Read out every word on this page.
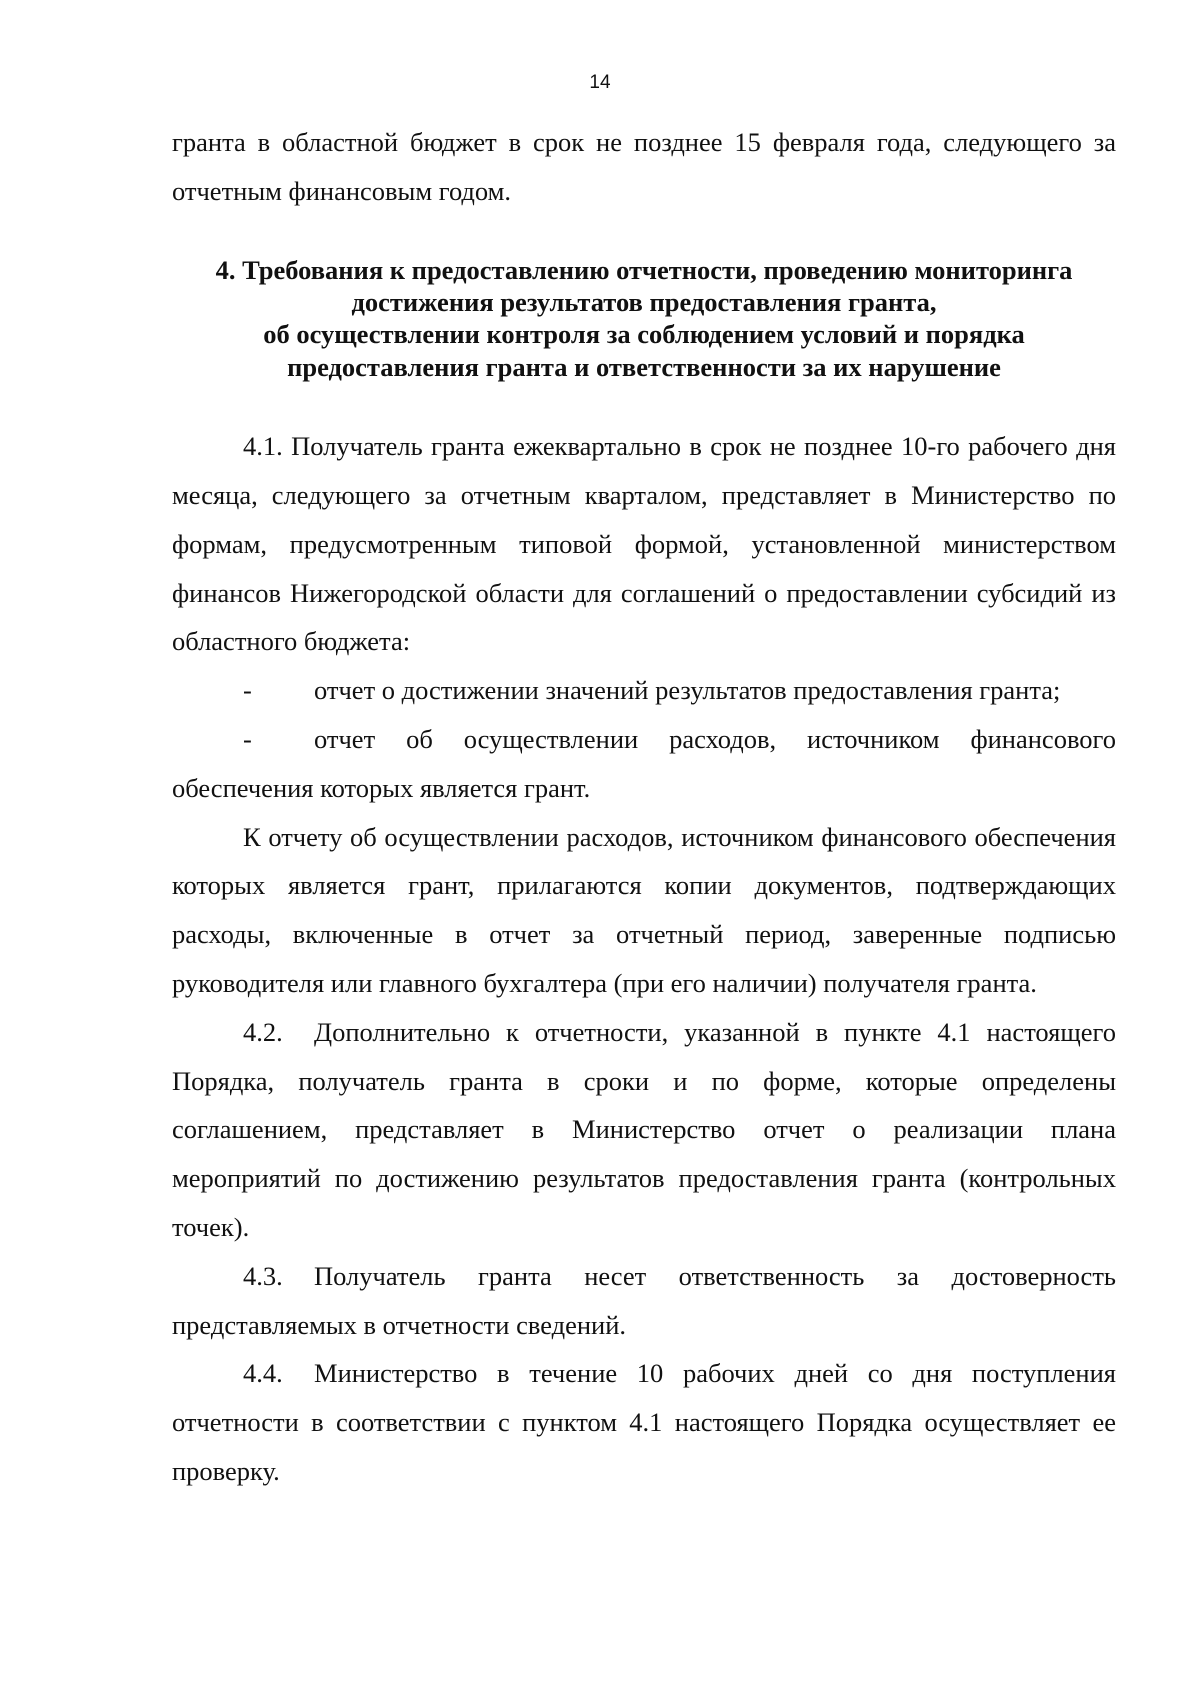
14

гранта в областной бюджет в срок не позднее 15 февраля года, следующего за отчетным финансовым годом.

4. Требования к предоставлению отчетности, проведению мониторинга
достижения результатов предоставления гранта,
об осуществлении контроля за соблюдением условий и порядка
предоставления гранта и ответственности за их нарушение

4.1. Получатель гранта ежеквартально в срок не позднее 10-го рабочего дня месяца, следующего за отчетным кварталом, представляет в Министерство по формам, предусмотренным типовой формой, установленной министерством финансов Нижегородской области для соглашений о предоставлении субсидий из областного бюджета:

- отчет о достижении значений результатов предоставления гранта;

- отчет об осуществлении расходов, источником финансового обеспечения которых является грант.

К отчету об осуществлении расходов, источником финансового обеспечения которых является грант, прилагаются копии документов, подтверждающих расходы, включенные в отчет за отчетный период, заверенные подписью руководителя или главного бухгалтера (при его наличии) получателя гранта.

4.2. Дополнительно к отчетности, указанной в пункте 4.1 настоящего Порядка, получатель гранта в сроки и по форме, которые определены соглашением, представляет в Министерство отчет о реализации плана мероприятий по достижению результатов предоставления гранта (контрольных точек).

4.3. Получатель гранта несет ответственность за достоверность представляемых в отчетности сведений.

4.4. Министерство в течение 10 рабочих дней со дня поступления отчетности в соответствии с пунктом 4.1 настоящего Порядка осуществляет ее проверку.
